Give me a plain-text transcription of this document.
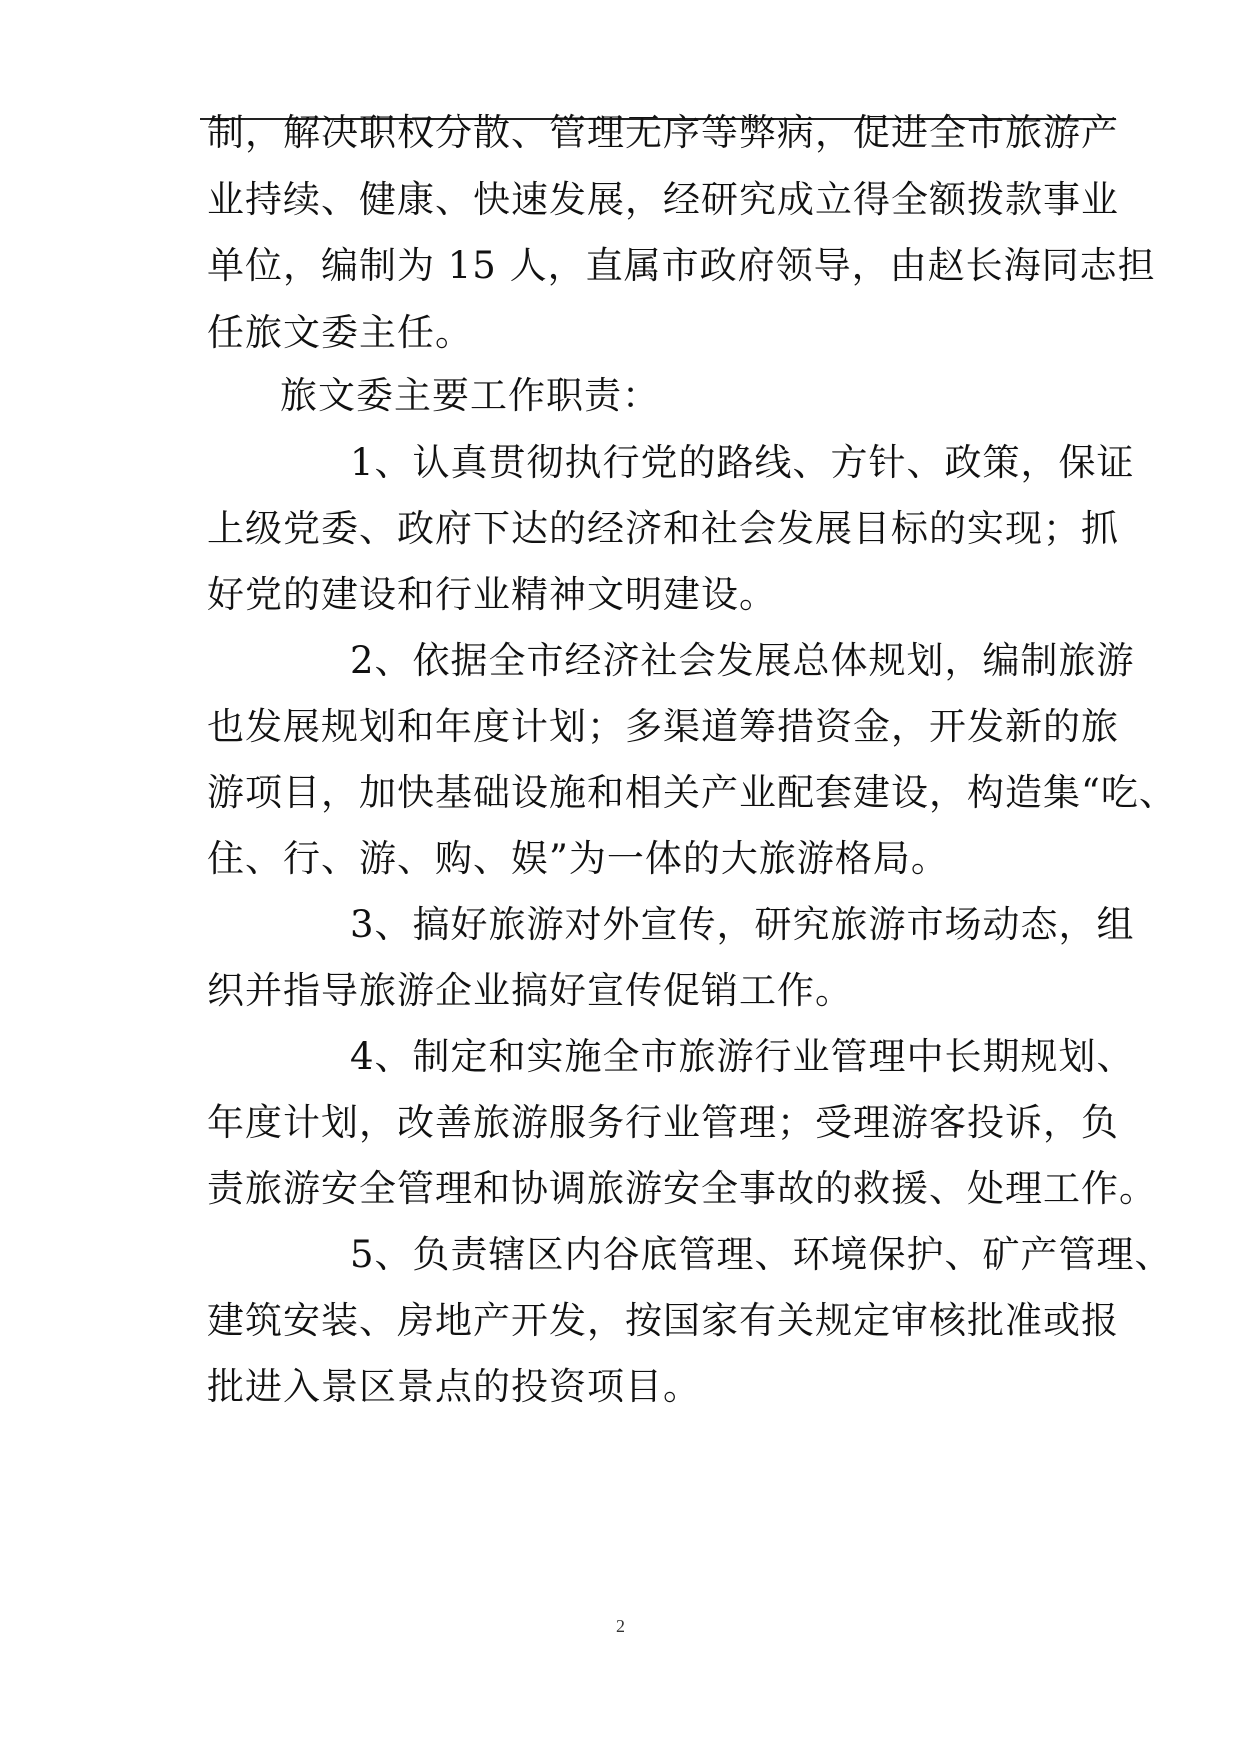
制，解决职权分散、管理无序等弊病，促进全市旅游产
业持续、健康、快速发展，经研究成立得全额拨款事业
单位，编制为 15 人，直属市政府领导，由赵长海同志担
任旅文委主任。
旅文委主要工作职责：
1、认真贯彻执行党的路线、方针、政策，保证
上级党委、政府下达的经济和社会发展目标的实现；抓
好党的建设和行业精神文明建设。
2、依据全市经济社会发展总体规划，编制旅游
也发展规划和年度计划；多渠道筹措资金，开发新的旅
游项目，加快基础设施和相关产业配套建设，构造集“吃、
住、行、游、购、娱”为一体的大旅游格局。
3、搞好旅游对外宣传，研究旅游市场动态，组
织并指导旅游企业搞好宣传促销工作。
4、制定和实施全市旅游行业管理中长期规划、
年度计划，改善旅游服务行业管理；受理游客投诉，负
责旅游安全管理和协调旅游安全事故的救援、处理工作。
5、负责辖区内谷底管理、环境保护、矿产管理、
建筑安装、房地产开发，按国家有关规定审核批准或报
批进入景区景点的投资项目。
2
